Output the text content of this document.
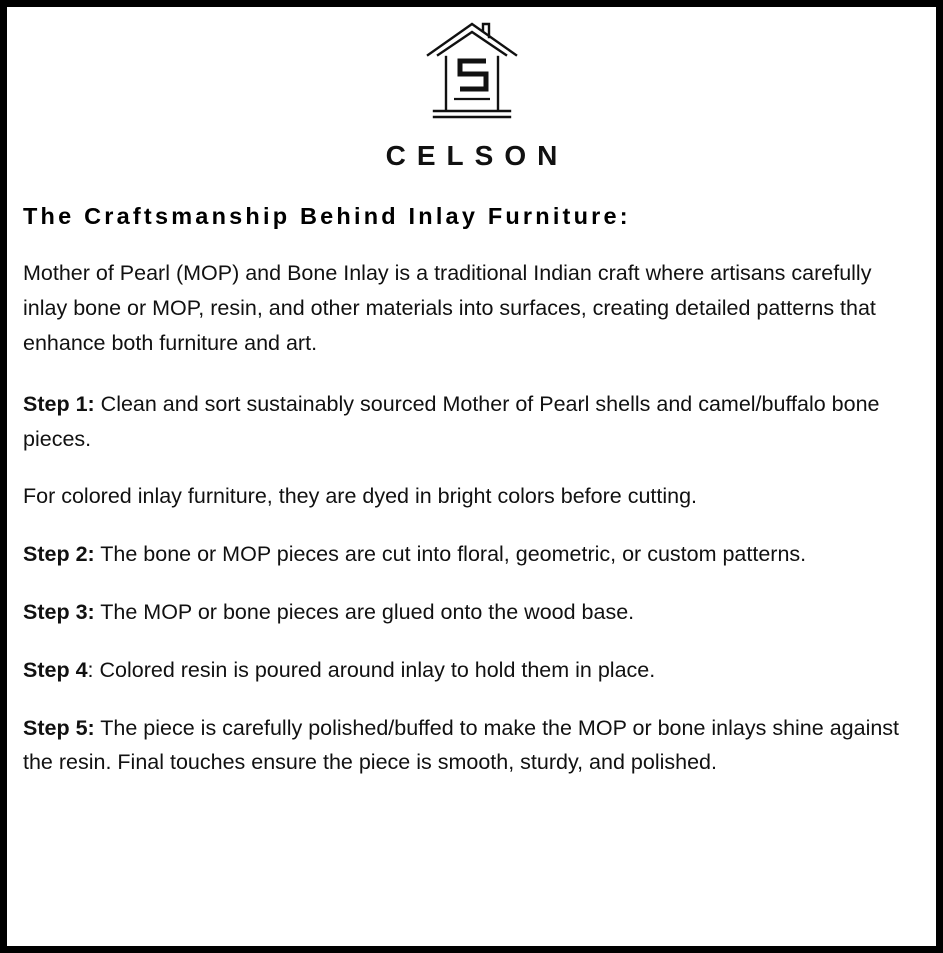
CELSON
The Craftsmanship Behind Inlay Furniture:

Mother of Pearl (MOP) and Bone Inlay is a traditional Indian craft where artisans carefully inlay bone or MOP, resin, and other materials into surfaces, creating detailed patterns that enhance both furniture and art.

Step 1: Clean and sort sustainably sourced Mother of Pearl shells and camel/buffalo bone pieces.

For colored inlay furniture, they are dyed in bright colors before cutting.

Step 2: The bone or MOP pieces are cut into floral, geometric, or custom patterns.

Step 3: The MOP or bone pieces are glued onto the wood base.

Step 4: Colored resin is poured around inlay to hold them in place.

Step 5: The piece is carefully polished/buffed to make the MOP or bone inlays shine against the resin. Final touches ensure the piece is smooth, sturdy, and polished.
